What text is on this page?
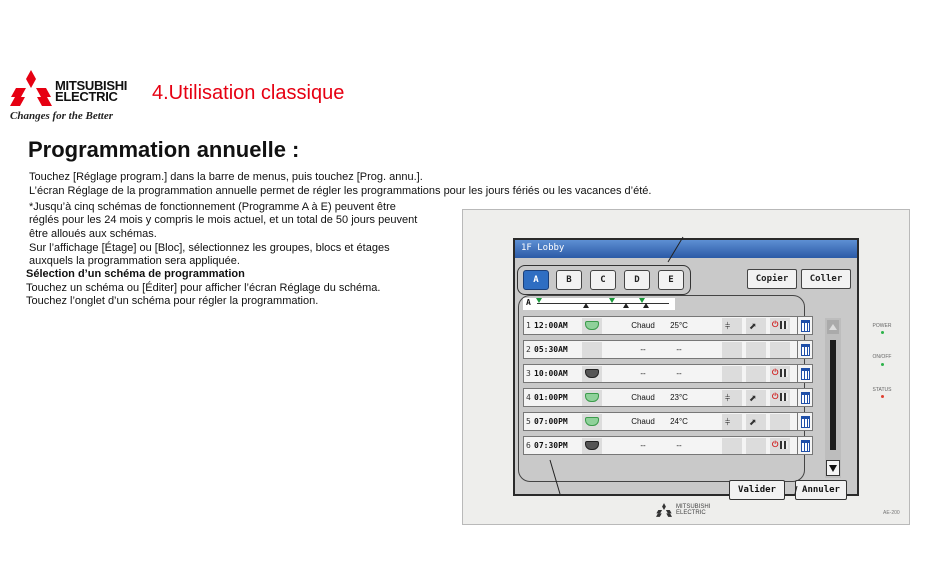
MITSUBISHI
ELECTRIC
Changes for the Better
4.Utilisation classique
Programmation annuelle :
Touchez [Réglage program.] dans la barre de menus, puis touchez [Prog. annu.].
L’écran Réglage de la programmation annuelle permet de régler les programmations pour les jours fériés ou les vacances d’été.
*Jusqu’à cinq schémas de fonctionnement (Programme A à E) peuvent être
réglés pour les 24 mois y compris le mois actuel, et un total de 50 jours peuvent
être alloués aux schémas.
Sur l’affichage [Étage] ou [Bloc], sélectionnez les groupes, blocs et étages
auxquels la programmation sera appliquée.
Sélection d’un schéma de programmation
Touchez un schéma ou [Éditer] pour afficher l’écran Réglage du schéma.
Touchez l’onglet d’un schéma pour régler la programmation.
1F Lobby
A	B	C	D	E	Copier	Coller
A
1 12:00AM	Chaud	25°C	⫩ ⬈ ⏻
2 05:30AM	--	--
3 10:00AM	--	--	⏻
4 01:00PM	Chaud	23°C	⫩ ⬈ ⏻
5 07:00PM	Chaud	24°C	⫩ ⬈
6 07:30PM	--	--	⏻
Valider	Annuler
POWER
ON/OFF
STATUS
MITSUBISHI
ELECTRIC	AE-200
